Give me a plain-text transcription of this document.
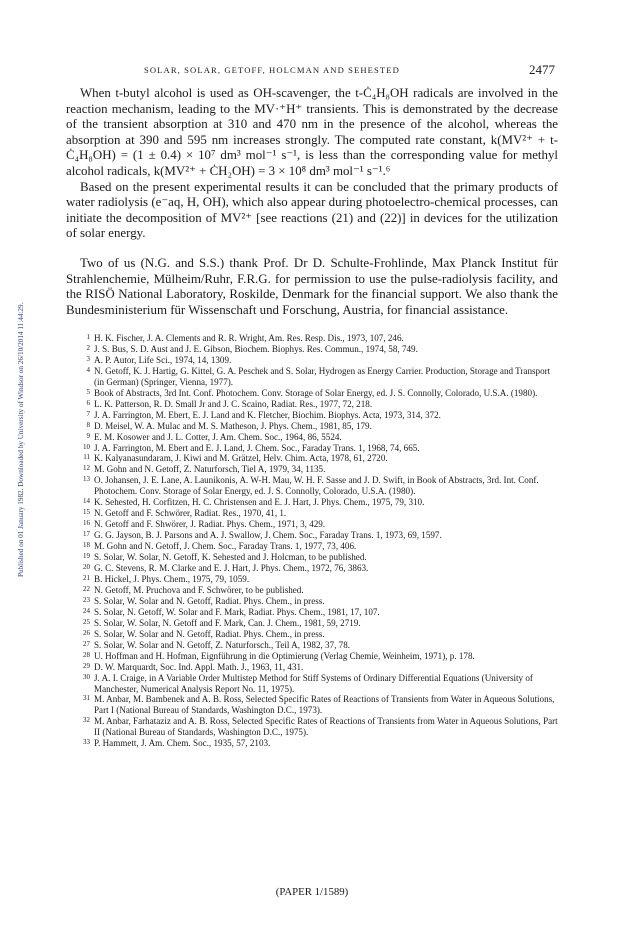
Published on 01 January 1982. Downloaded by University of Windsor on 26/10/2014 11:44:29.
SOLAR, SOLAR, GETOFF, HOLCMAN AND SEHESTED	2477

When t-butyl alcohol is used as OH-scavenger, the t-Ċ₄H₈OH radicals are involved in the reaction mechanism, leading to the MV·⁺H⁺ transients. This is demonstrated by the decrease of the transient absorption at 310 and 470 nm in the presence of the alcohol, whereas the absorption at 390 and 595 nm increases strongly. The computed rate constant, k(MV²⁺ + t-Ċ₄H₈OH) = (1 ± 0.4) × 10⁷ dm³ mol⁻¹ s⁻¹, is less than the corresponding value for methyl alcohol radicals, k(MV²⁺ + ĊH₂OH) = 3 × 10⁸ dm³ mol⁻¹ s⁻¹.⁶

Based on the present experimental results it can be concluded that the primary products of water radiolysis (e⁻aq, H, OH), which also appear during photoelectro-chemical processes, can initiate the decomposition of MV²⁺ [see reactions (21) and (22)] in devices for the utilization of solar energy.

Two of us (N.G. and S.S.) thank Prof. Dr D. Schulte-Frohlinde, Max Planck Institut für Strahlenchemie, Mülheim/Ruhr, F.R.G. for permission to use the pulse-radiolysis facility, and the RISÖ National Laboratory, Roskilde, Denmark for the financial support. We also thank the Bundesministerium für Wissenschaft und Forschung, Austria, for financial assistance.

1 H. K. Fischer, J. A. Clements and R. R. Wright, Am. Res. Resp. Dis., 1973, 107, 246.
2 J. S. Bus, S. D. Aust and J. E. Gibson, Biochem. Biophys. Res. Commun., 1974, 58, 749.
3 A. P. Autor, Life Sci., 1974, 14, 1309.
4 N. Getoff, K. J. Hartig, G. Kittel, G. A. Peschek and S. Solar, Hydrogen as Energy Carrier. Production, Storage and Transport (in German) (Springer, Vienna, 1977).
5 Book of Abstracts, 3rd Int. Conf. Photochem. Conv. Storage of Solar Energy, ed. J. S. Connolly, Colorado, U.S.A. (1980).
6 L. K. Patterson, R. D. Small Jr and J. C. Scaino, Radiat. Res., 1977, 72, 218.
7 J. A. Farrington, M. Ebert, E. J. Land and K. Fletcher, Biochim. Biophys. Acta, 1973, 314, 372.
8 D. Meisel, W. A. Mulac and M. S. Matheson, J. Phys. Chem., 1981, 85, 179.
9 E. M. Kosower and J. L. Cotter, J. Am. Chem. Soc., 1964, 86, 5524.
10 J. A. Farrington, M. Ebert and E. J. Land, J. Chem. Soc., Faraday Trans. 1, 1968, 74, 665.
11 K. Kalyanasundaram, J. Kiwi and M. Grätzel, Helv. Chim. Acta, 1978, 61, 2720.
12 M. Gohn and N. Getoff, Z. Naturforsch, Tiel A, 1979, 34, 1135.
13 O. Johansen, J. E. Lane, A. Launikonis, A. W-H. Mau, W. H. F. Sasse and J. D. Swift, in Book of Abstracts, 3rd. Int. Conf. Photochem. Conv. Storage of Solar Energy, ed. J. S. Connolly, Colorado, U.S.A. (1980).
14 K. Sehested, H. Corfitzen, H. C. Christensen and E. J. Hart, J. Phys. Chem., 1975, 79, 310.
15 N. Getoff and F. Schwörer, Radiat. Res., 1970, 41, 1.
16 N. Getoff and F. Shwörer, J. Radiat. Phys. Chem., 1971, 3, 429.
17 G. G. Jayson, B. J. Parsons and A. J. Swallow, J. Chem. Soc., Faraday Trans. 1, 1973, 69, 1597.
18 M. Gohn and N. Getoff, J. Chem. Soc., Faraday Trans. 1, 1977, 73, 406.
19 S. Solar, W. Solar, N. Getoff, K. Sehested and J. Holcman, to be published.
20 G. C. Stevens, R. M. Clarke and E. J. Hart, J. Phys. Chem., 1972, 76, 3863.
21 B. Hickel, J. Phys. Chem., 1975, 79, 1059.
22 N. Getoff, M. Pruchova and F. Schwörer, to be published.
23 S. Solar, W. Solar and N. Getoff, Radiat. Phys. Chem., in press.
24 S. Solar, N. Getoff, W. Solar and F. Mark, Radiat. Phys. Chem., 1981, 17, 107.
25 S. Solar, W. Solar, N. Getoff and F. Mark, Can. J. Chem., 1981, 59, 2719.
26 S. Solar, W. Solar and N. Getoff, Radiat. Phys. Chem., in press.
27 S. Solar, W. Solar and N. Getoff, Z. Naturforsch., Teil A, 1982, 37, 78.
28 U. Hoffman and H. Hofman, Eignführung in die Optimierung (Verlag Chemie, Weinheim, 1971), p. 178.
29 D. W. Marquardt, Soc. Ind. Appl. Math. J., 1963, 11, 431.
30 J. A. I. Craige, in A Variable Order Multistep Method for Stiff Systems of Ordinary Differential Equations (University of Manchester, Numerical Analysis Report No. 11, 1975).
31 M. Anbar, M. Bambenek and A. B. Ross, Selected Specific Rates of Reactions of Transients from Water in Aqueous Solutions, Part I (National Bureau of Standards, Washington D.C., 1973).
32 M. Anbar, Farhataziz and A. B. Ross, Selected Specific Rates of Reactions of Transients from Water in Aqueous Solutions, Part II (National Bureau of Standards, Washington D.C., 1975).
33 P. Hammett, J. Am. Chem. Soc., 1935, 57, 2103.
(PAPER 1/1589)
